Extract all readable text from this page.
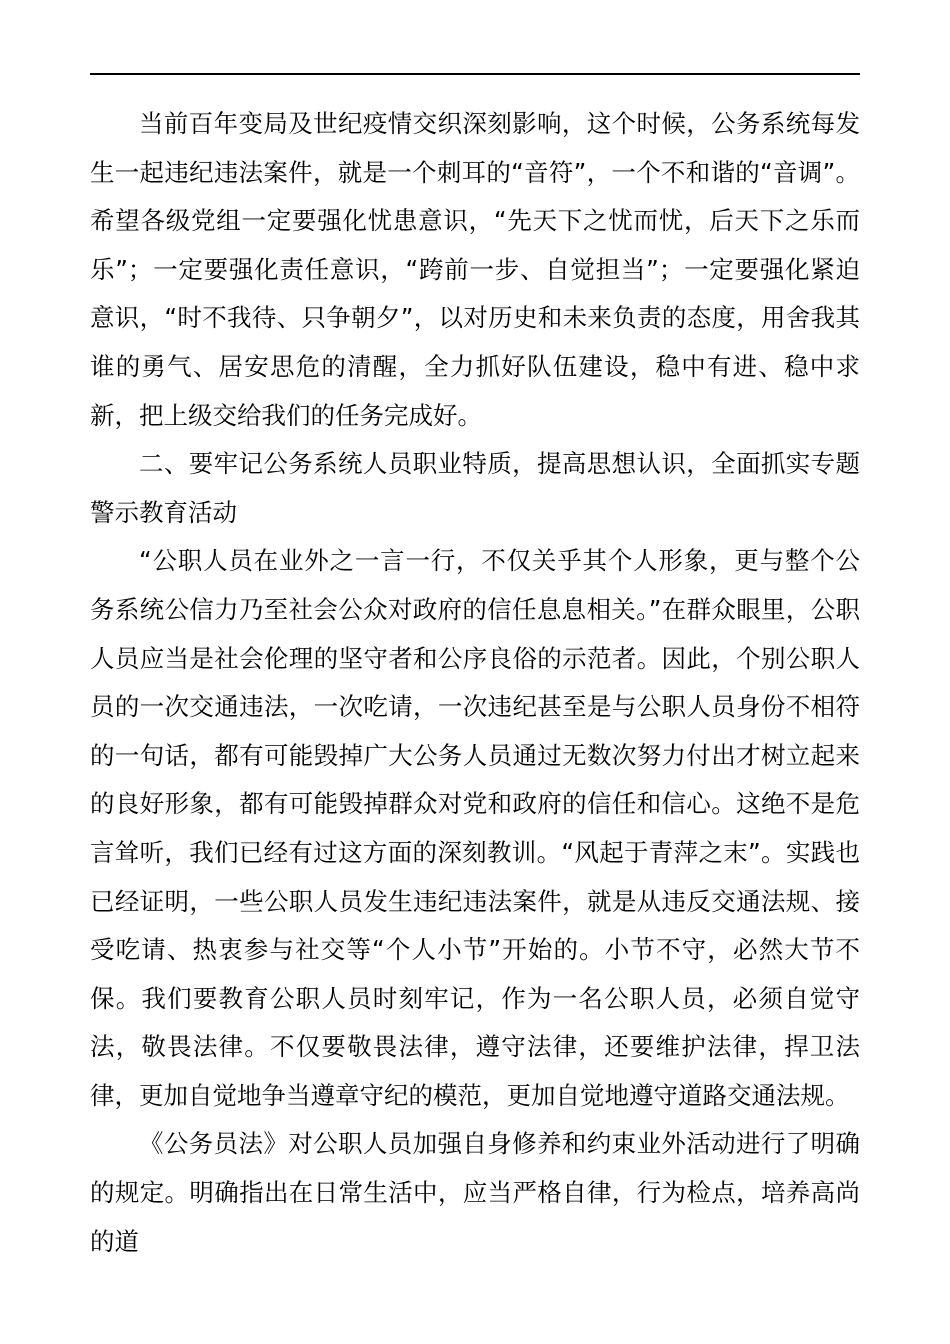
当前百年变局及世纪疫情交织深刻影响，这个时候，公务系统每发生一起违纪违法案件，就是一个刺耳的“音符”，一个不和谐的“音调”。希望各级党组一定要强化忧患意识，“先天下之忧而忧，后天下之乐而乐”；一定要强化责任意识，“跨前一步、自觉担当”；一定要强化紧迫意识，“时不我待、只争朝夕”，以对历史和未来负责的态度，用舍我其谁的勇气、居安思危的清醒，全力抓好队伍建设，稳中有进、稳中求新，把上级交给我们的任务完成好。

二、要牢记公务系统人员职业特质，提高思想认识，全面抓实专题警示教育活动

“公职人员在业外之一言一行，不仅关乎其个人形象，更与整个公务系统公信力乃至社会公众对政府的信任息息相关。”在群众眼里，公职人员应当是社会伦理的坚守者和公序良俗的示范者。因此，个别公职人员的一次交通违法，一次吃请，一次违纪甚至是与公职人员身份不相符的一句话，都有可能毁掉广大公务人员通过无数次努力付出才树立起来的良好形象，都有可能毁掉群众对党和政府的信任和信心。这绝不是危言耸听，我们已经有过这方面的深刻教训。“风起于青萍之末”。实践也已经证明，一些公职人员发生违纪违法案件，就是从违反交通法规、接受吃请、热衷参与社交等“个人小节”开始的。小节不守，必然大节不保。我们要教育公职人员时刻牢记，作为一名公职人员，必须自觉守法，敬畏法律。不仅要敬畏法律，遵守法律，还要维护法律，捍卫法律，更加自觉地争当遵章守纪的模范，更加自觉地遵守道路交通法规。

《公务员法》对公职人员加强自身修养和约束业外活动进行了明确的规定。明确指出在日常生活中，应当严格自律，行为检点，培养高尚的道
